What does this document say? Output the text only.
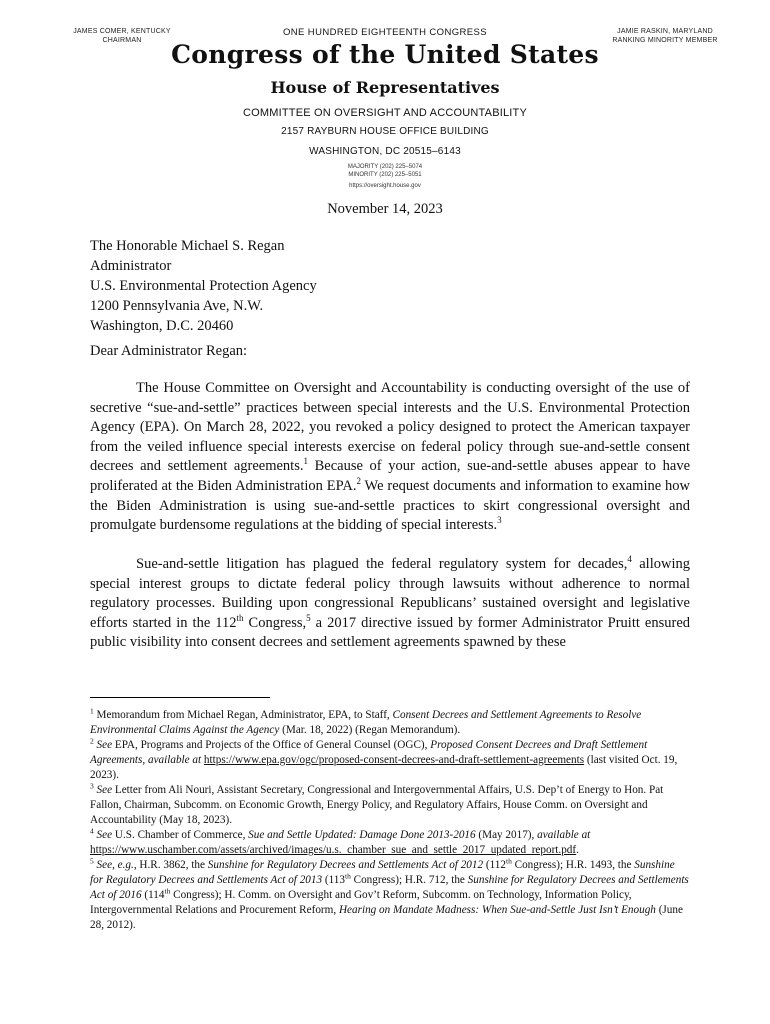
JAMES COMER, KENTUCKY
CHAIRMAN
ONE HUNDRED EIGHTEENTH CONGRESS	JAMIE RASKIN, MARYLAND
RANKING MINORITY MEMBER
Congress of the United States
House of Representatives
COMMITTEE ON OVERSIGHT AND ACCOUNTABILITY
2157 RAYBURN HOUSE OFFICE BUILDING
WASHINGTON, DC 20515–6143
MAJORITY (202) 225–5074
MINORITY (202) 225–5051
https://oversight.house.gov
November 14, 2023
The Honorable Michael S. Regan
Administrator
U.S. Environmental Protection Agency
1200 Pennsylvania Ave, N.W.
Washington, D.C. 20460
Dear Administrator Regan:

The House Committee on Oversight and Accountability is conducting oversight of the use of secretive “sue-and-settle” practices between special interests and the U.S. Environmental Protection Agency (EPA). On March 28, 2022, you revoked a policy designed to protect the American taxpayer from the veiled influence special interests exercise on federal policy through sue-and-settle consent decrees and settlement agreements.$^1$ Because of your action, sue-and-settle abuses appear to have proliferated at the Biden Administration EPA.$^2$ We request documents and information to examine how the Biden Administration is using sue-and-settle practices to skirt congressional oversight and promulgate burdensome regulations at the bidding of special interests.$^3$

Sue-and-settle litigation has plagued the federal regulatory system for decades,$^4$ allowing special interest groups to dictate federal policy through lawsuits without adherence to normal regulatory processes. Building upon congressional Republicans’ sustained oversight and legislative efforts started in the 112th Congress,$^5$ a 2017 directive issued by former Administrator Pruitt ensured public visibility into consent decrees and settlement agreements spawned by these

$^1$ Memorandum from Michael Regan, Administrator, EPA, to Staff, Consent Decrees and Settlement Agreements to Resolve Environmental Claims Against the Agency (Mar. 18, 2022) (Regan Memorandum).

$^2$ See EPA, Programs and Projects of the Office of General Counsel (OGC), Proposed Consent Decrees and Draft Settlement Agreements, available at https://www.epa.gov/ogc/proposed-consent-decrees-and-draft-settlement-agreements (last visited Oct. 19, 2023).

$^3$ See Letter from Ali Nouri, Assistant Secretary, Congressional and Intergovernmental Affairs, U.S. Dep’t of Energy to Hon. Pat Fallon, Chairman, Subcomm. on Economic Growth, Energy Policy, and Regulatory Affairs, House Comm. on Oversight and Accountability (May 18, 2023).

$^4$ See U.S. Chamber of Commerce, Sue and Settle Updated: Damage Done 2013-2016 (May 2017), available at https://www.uschamber.com/assets/archived/images/u.s._chamber_sue_and_settle_2017_updated_report.pdf.

$^5$ See, e.g., H.R. 3862, the Sunshine for Regulatory Decrees and Settlements Act of 2012 (112th Congress); H.R. 1493, the Sunshine for Regulatory Decrees and Settlements Act of 2013 (113th Congress); H.R. 712, the Sunshine for Regulatory Decrees and Settlements Act of 2016 (114th Congress); H. Comm. on Oversight and Gov’t Reform, Subcomm. on Technology, Information Policy, Intergovernmental Relations and Procurement Reform, Hearing on Mandate Madness: When Sue-and-Settle Just Isn’t Enough (June 28, 2012).
